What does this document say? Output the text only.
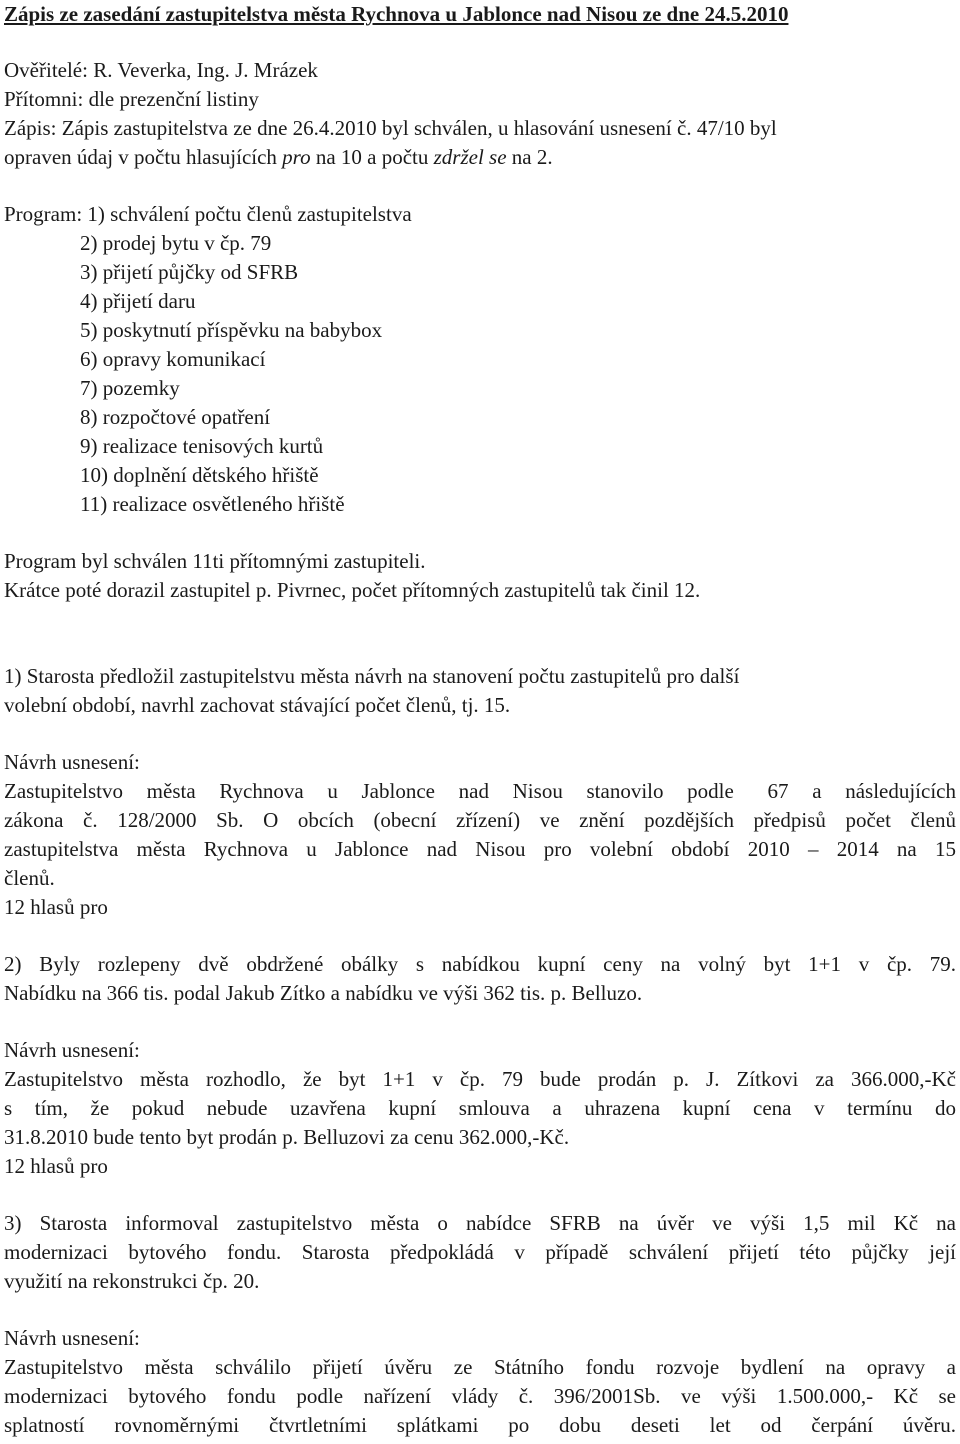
Zápis ze zasedání zastupitelstva města Rychnova u Jablonce nad Nisou ze dne 24.5.2010
Ověřitelé: R. Veverka, Ing. J. Mrázek
Přítomni: dle prezenční listiny
Zápis: Zápis zastupitelstva ze dne 26.4.2010 byl schválen, u hlasování usnesení č. 47/10 byl
opraven údaj v počtu hlasujících pro na 10 a počtu zdržel se na 2.
Program: 1) schválení počtu členů zastupitelstva
2) prodej bytu v čp. 79
3) přijetí půjčky od SFRB
4) přijetí daru
5) poskytnutí příspěvku na babybox
6) opravy komunikací
7) pozemky
8) rozpočtové opatření
9) realizace tenisových kurtů
10) doplnění dětského hřiště
11) realizace osvětleného hřiště
Program byl schválen 11ti přítomnými zastupiteli.
Krátce poté dorazil zastupitel p. Pivrnec, počet přítomných zastupitelů tak činil 12.
1) Starosta předložil zastupitelstvu města návrh na stanovení počtu zastupitelů pro další
volební období, navrhl zachovat stávající počet členů, tj. 15.
Návrh usnesení:
Zastupitelstvo města Rychnova u Jablonce nad Nisou stanovilo podle 67 a následujících
zákona č. 128/2000 Sb. O obcích (obecní zřízení) ve znění pozdějších předpisů počet členů
zastupitelstva města Rychnova u Jablonce nad Nisou pro volební období 2010 – 2014 na 15
členů.
12 hlasů pro
2) Byly rozlepeny dvě obdržené obálky s nabídkou kupní ceny na volný byt 1+1 v čp. 79.
Nabídku na 366 tis. podal Jakub Zítko a nabídku ve výši 362 tis. p. Belluzo.
Návrh usnesení:
Zastupitelstvo města rozhodlo, že byt 1+1 v čp. 79 bude prodán p. J. Zítkovi za 366.000,-Kč
s tím, že pokud nebude uzavřena kupní smlouva a uhrazena kupní cena v termínu do
31.8.2010 bude tento byt prodán p. Belluzovi za cenu 362.000,-Kč.
12 hlasů pro
3) Starosta informoval zastupitelstvo města o nabídce SFRB na úvěr ve výši 1,5 mil Kč na
modernizaci bytového fondu. Starosta předpokládá v případě schválení přijetí této půjčky její
využití na rekonstrukci čp. 20.
Návrh usnesení:
Zastupitelstvo města schválilo přijetí úvěru ze Státního fondu rozvoje bydlení na opravy a
modernizaci bytového fondu podle nařízení vlády č. 396/2001Sb. ve výši 1.500.000,- Kč se
splatností rovnoměrnými čtvrtletními splátkami po dobu deseti let od čerpání úvěru.
